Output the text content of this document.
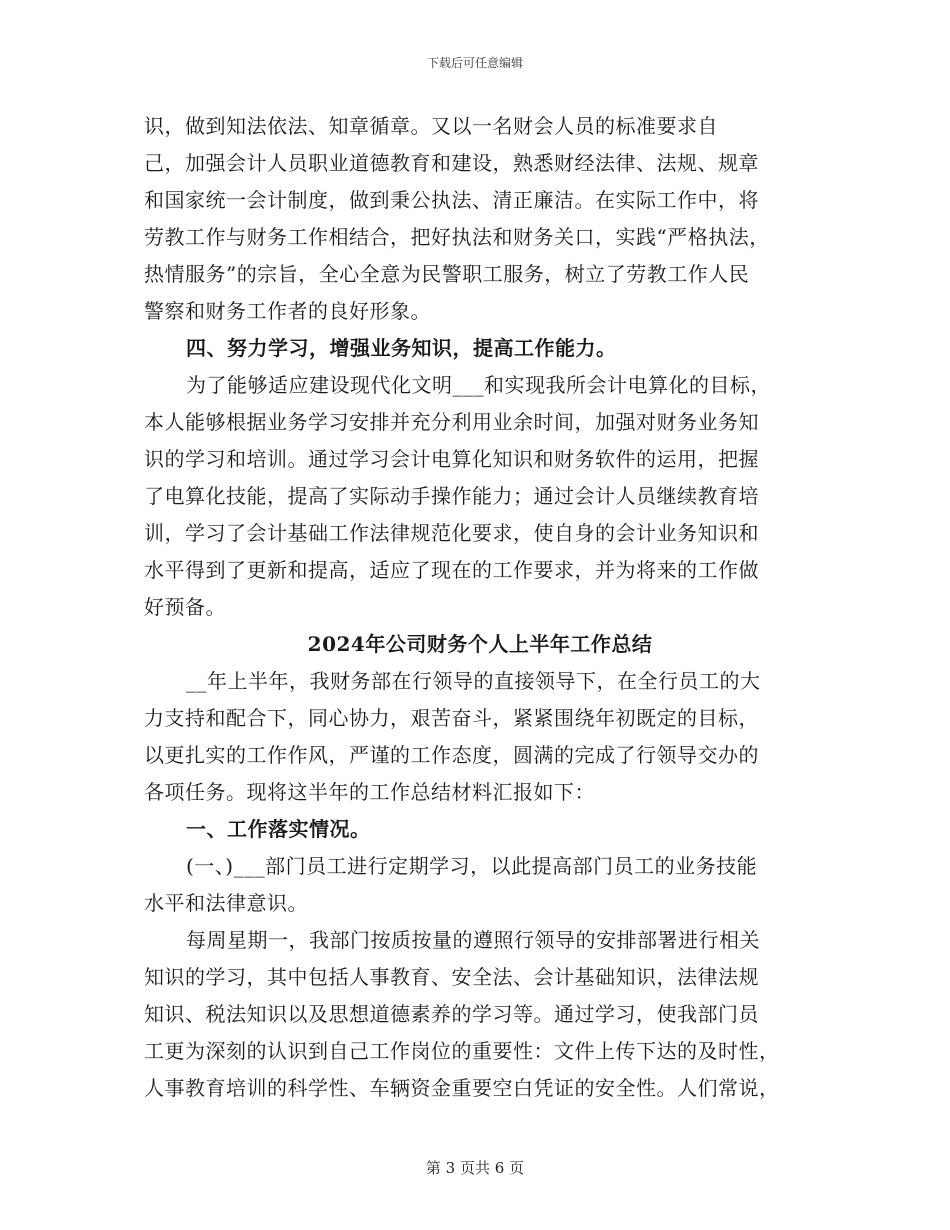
下载后可任意编辑
识，做到知法依法、知章循章。又以一名财会人员的标准要求自
己，加强会计人员职业道德教育和建设，熟悉财经法律、法规、规章
和国家统一会计制度，做到秉公执法、清正廉洁。在实际工作中，将
劳教工作与财务工作相结合，把好执法和财务关口，实践“严格执法，
热情服务”的宗旨，全心全意为民警职工服务，树立了劳教工作人民
警察和财务工作者的良好形象。
四、努力学习，增强业务知识，提高工作能力。
为了能够适应建设现代化文明___和实现我所会计电算化的目标，
本人能够根据业务学习安排并充分利用业余时间，加强对财务业务知
识的学习和培训。通过学习会计电算化知识和财务软件的运用，把握
了电算化技能，提高了实际动手操作能力；通过会计人员继续教育培
训，学习了会计基础工作法律规范化要求，使自身的会计业务知识和
水平得到了更新和提高，适应了现在的工作要求，并为将来的工作做
好预备。
2024年公司财务个人上半年工作总结
__年上半年，我财务部在行领导的直接领导下，在全行员工的大
力支持和配合下，同心协力，艰苦奋斗，紧紧围绕年初既定的目标，
以更扎实的工作作风，严谨的工作态度，圆满的完成了行领导交办的
各项任务。现将这半年的工作总结材料汇报如下：
一、工作落实情况。
(一、)___部门员工进行定期学习，以此提高部门员工的业务技能
水平和法律意识。
每周星期一，我部门按质按量的遵照行领导的安排部署进行相关
知识的学习，其中包括人事教育、安全法、会计基础知识，法律法规
知识、税法知识以及思想道德素养的学习等。通过学习，使我部门员
工更为深刻的认识到自己工作岗位的重要性：文件上传下达的及时性，
人事教育培训的科学性、车辆资金重要空白凭证的安全性。人们常说，
第 3 页共 6 页
